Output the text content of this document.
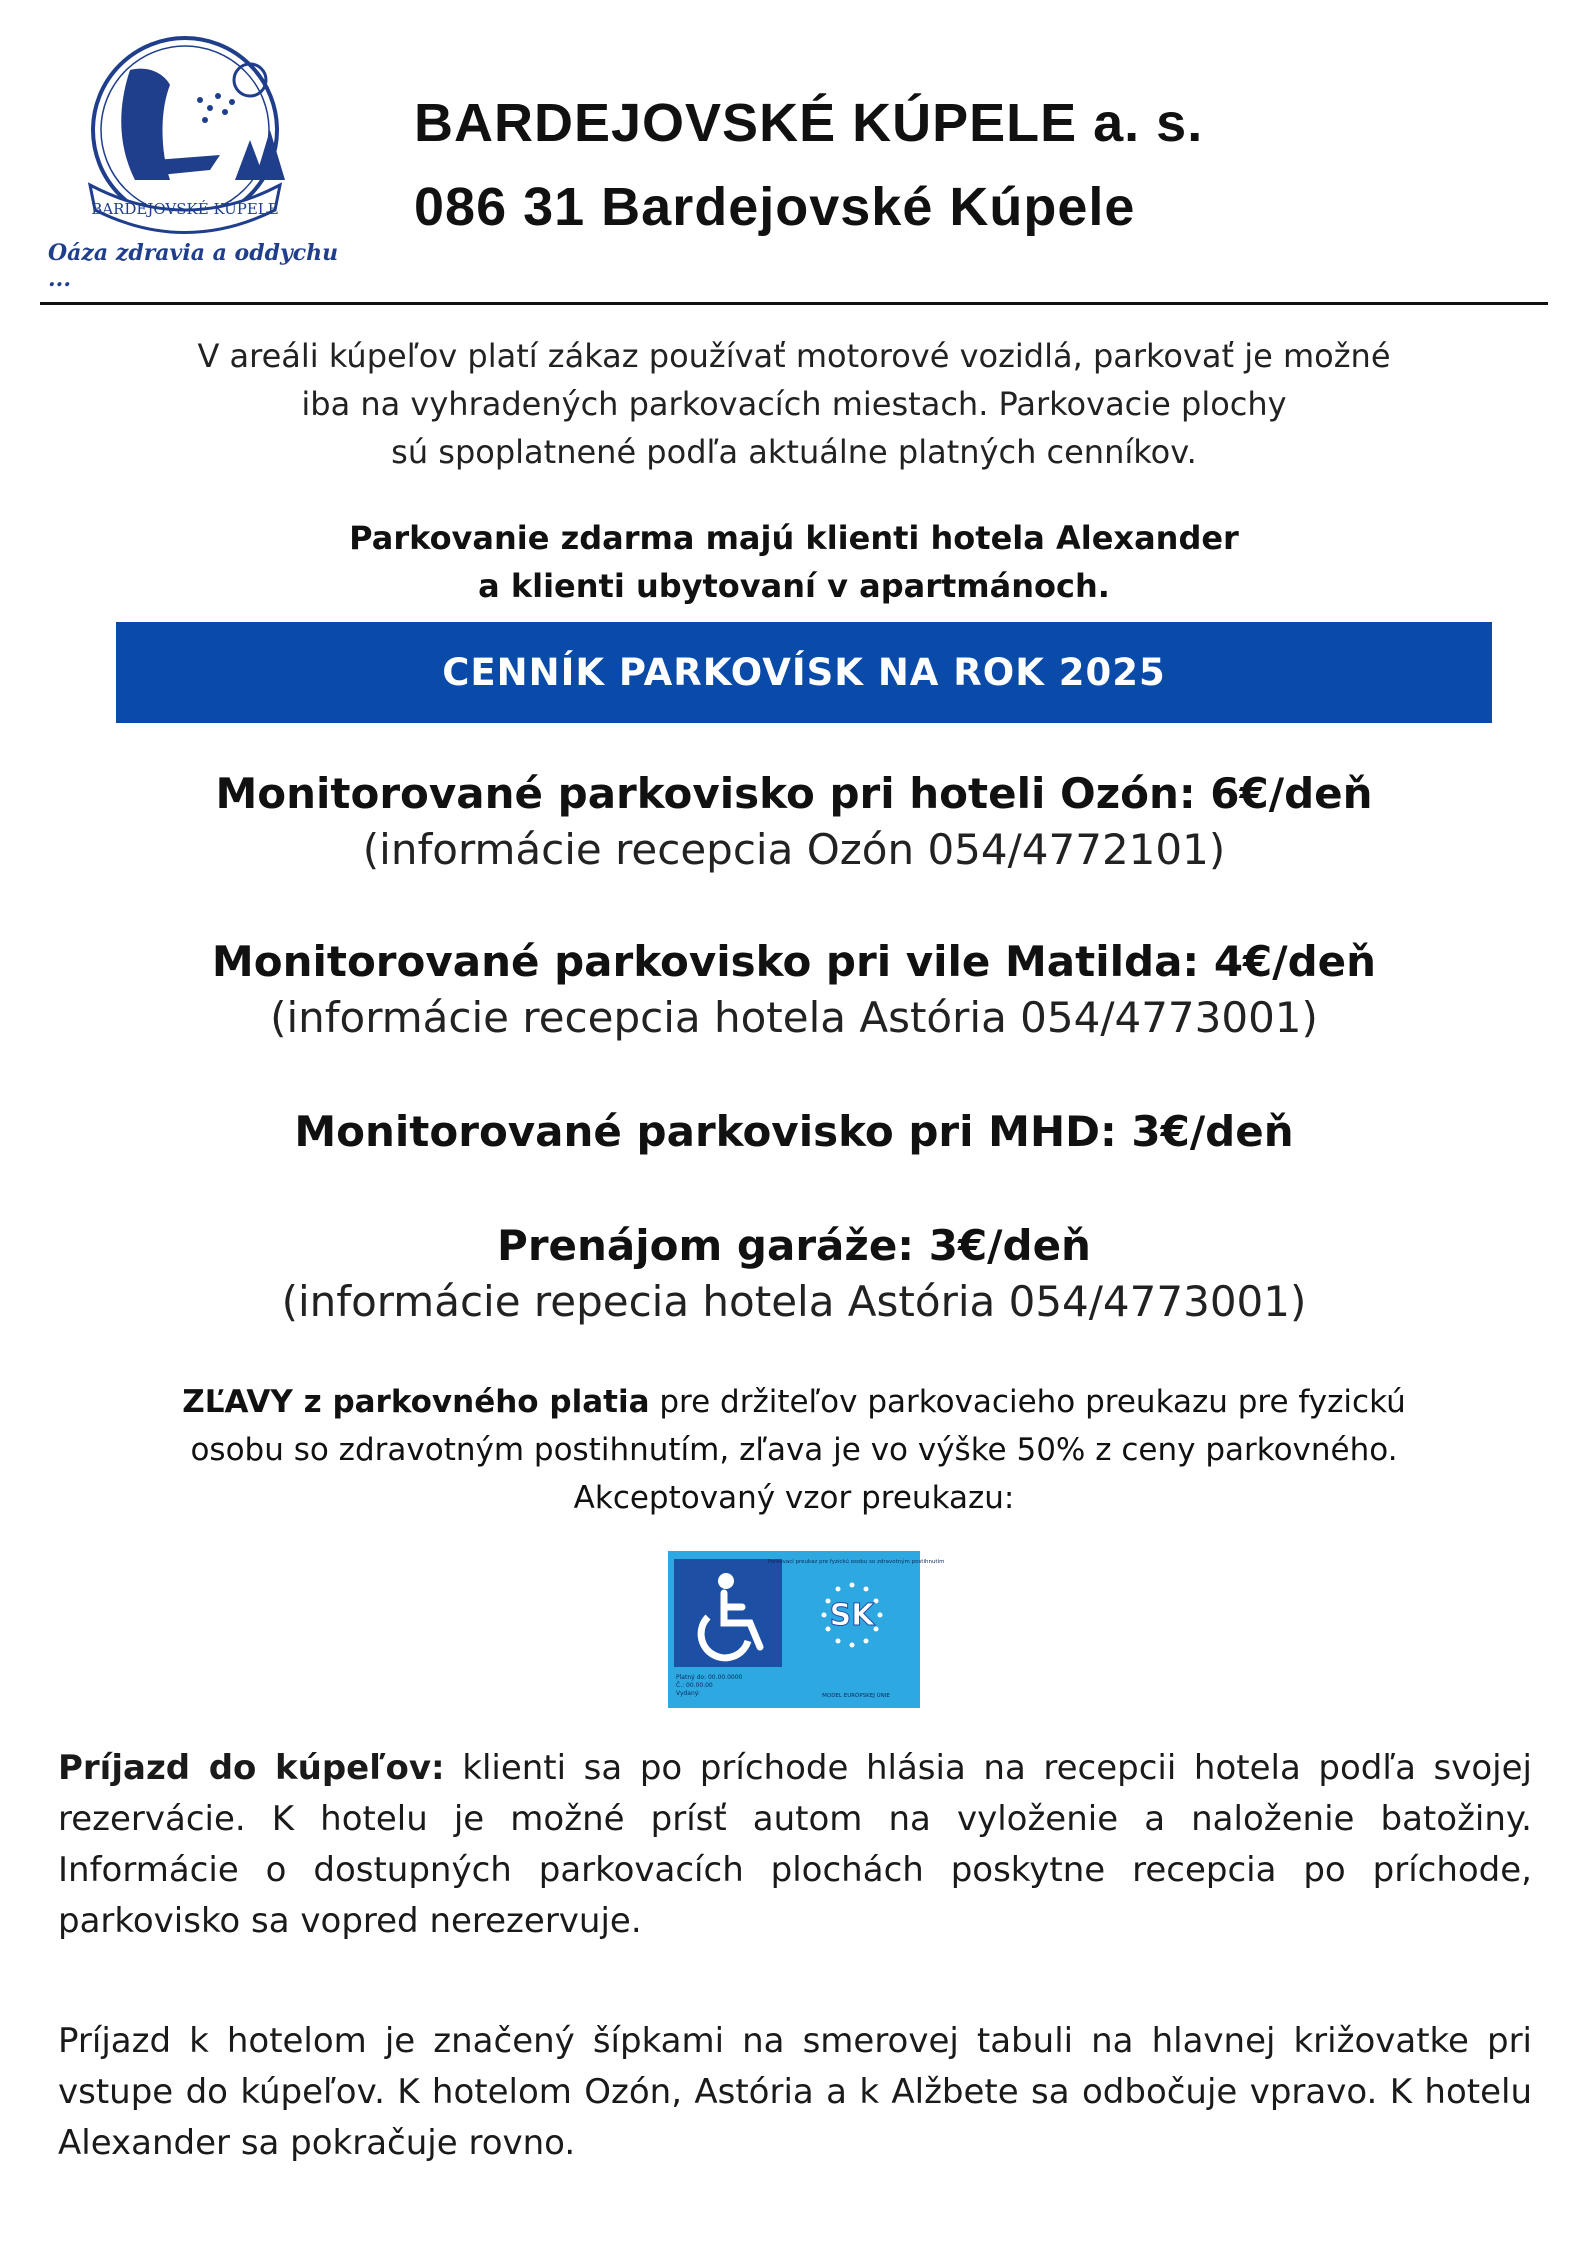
BARDEJOVSKÉ KÚPELE
Oáza zdravia a oddychu ...
BARDEJOVSKÉ KÚPELE a. s.
086 31 Bardejovské Kúpele
V areáli kúpeľov platí zákaz používať motorové vozidlá, parkovať je možné
iba na vyhradených parkovacích miestach. Parkovacie plochy
sú spoplatnené podľa aktuálne platných cenníkov.
Parkovanie zdarma majú klienti hotela Alexander
a klienti ubytovaní v apartmánoch.
CENNÍK PARKOVÍSK NA ROK 2025
Monitorované parkovisko pri hoteli Ozón: 6€/deň
(informácie recepcia Ozón 054/4772101)
Monitorované parkovisko pri vile Matilda: 4€/deň
(informácie recepcia hotela Astória 054/4773001)
Monitorované parkovisko pri MHD: 3€/deň
Prenájom garáže: 3€/deň
(informácie repecia hotela Astória 054/4773001)
ZĽAVY z parkovného platia pre držiteľov parkovacieho preukazu pre fyzickú
osobu so zdravotným postihnutím, zľava je vo výške 50% z ceny parkovného.
Akceptovaný vzor preukazu:
Parkovací preukaz pre fyzickú osobu so zdravotným postihnutím
SK
Platný do: 00.00.0000
Č.: 00.00.00
Vydaný:	MODEL EURÓPSKEJ ÚNIE
Príjazd do kúpeľov: klienti sa po príchode hlásia na recepcii hotela podľa svojej rezervácie. K hotelu je možné prísť autom na vyloženie a naloženie batožiny. Informácie o dostupných parkovacích plochách poskytne recepcia po príchode, parkovisko sa vopred nerezervuje.
Príjazd k hotelom je značený šípkami na smerovej tabuli na hlavnej križovatke pri vstupe do kúpeľov. K hotelom Ozón, Astória a k Alžbete sa odbočuje vpravo. K hotelu Alexander sa pokračuje rovno.
